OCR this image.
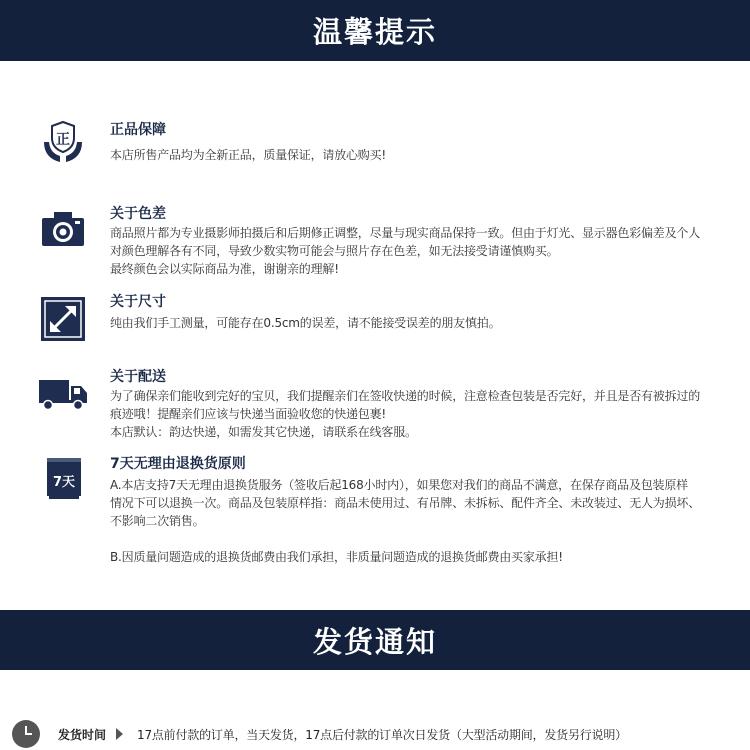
温馨提示
正
正品保障
本店所售产品均为全新正品，质量保证，请放心购买!
关于色差
商品照片都为专业摄影师拍摄后和后期修正调整，尽量与现实商品保持一致。但由于灯光、显示器色彩偏差及个人
对颜色理解各有不同，导致少数实物可能会与照片存在色差，如无法接受请谨慎购买。
最终颜色会以实际商品为准，谢谢亲的理解!
关于尺寸
纯由我们手工测量，可能存在0.5cm的误差，请不能接受误差的朋友慎拍。
关于配送
为了确保亲们能收到完好的宝贝，我们提醒亲们在签收快递的时候，注意检查包装是否完好，并且是否有被拆过的
痕迹哦！提醒亲们应该与快递当面验收您的快递包裹!
本店默认：韵达快递，如需发其它快递，请联系在线客服。
7天
7天无理由退换货原则
A.本店支持7天无理由退换货服务（签收后起168小时内），如果您对我们的商品不满意，在保存商品及包装原样
情况下可以退换一次。商品及包装原样指：商品未使用过、有吊牌、未拆标、配件齐全、未改装过、无人为损坏、
不影响二次销售。
B.因质量问题造成的退换货邮费由我们承担，非质量问题造成的退换货邮费由买家承担!
发货通知
发货时间	17点前付款的订单，当天发货，17点后付款的订单次日发货（大型活动期间，发货另行说明）
